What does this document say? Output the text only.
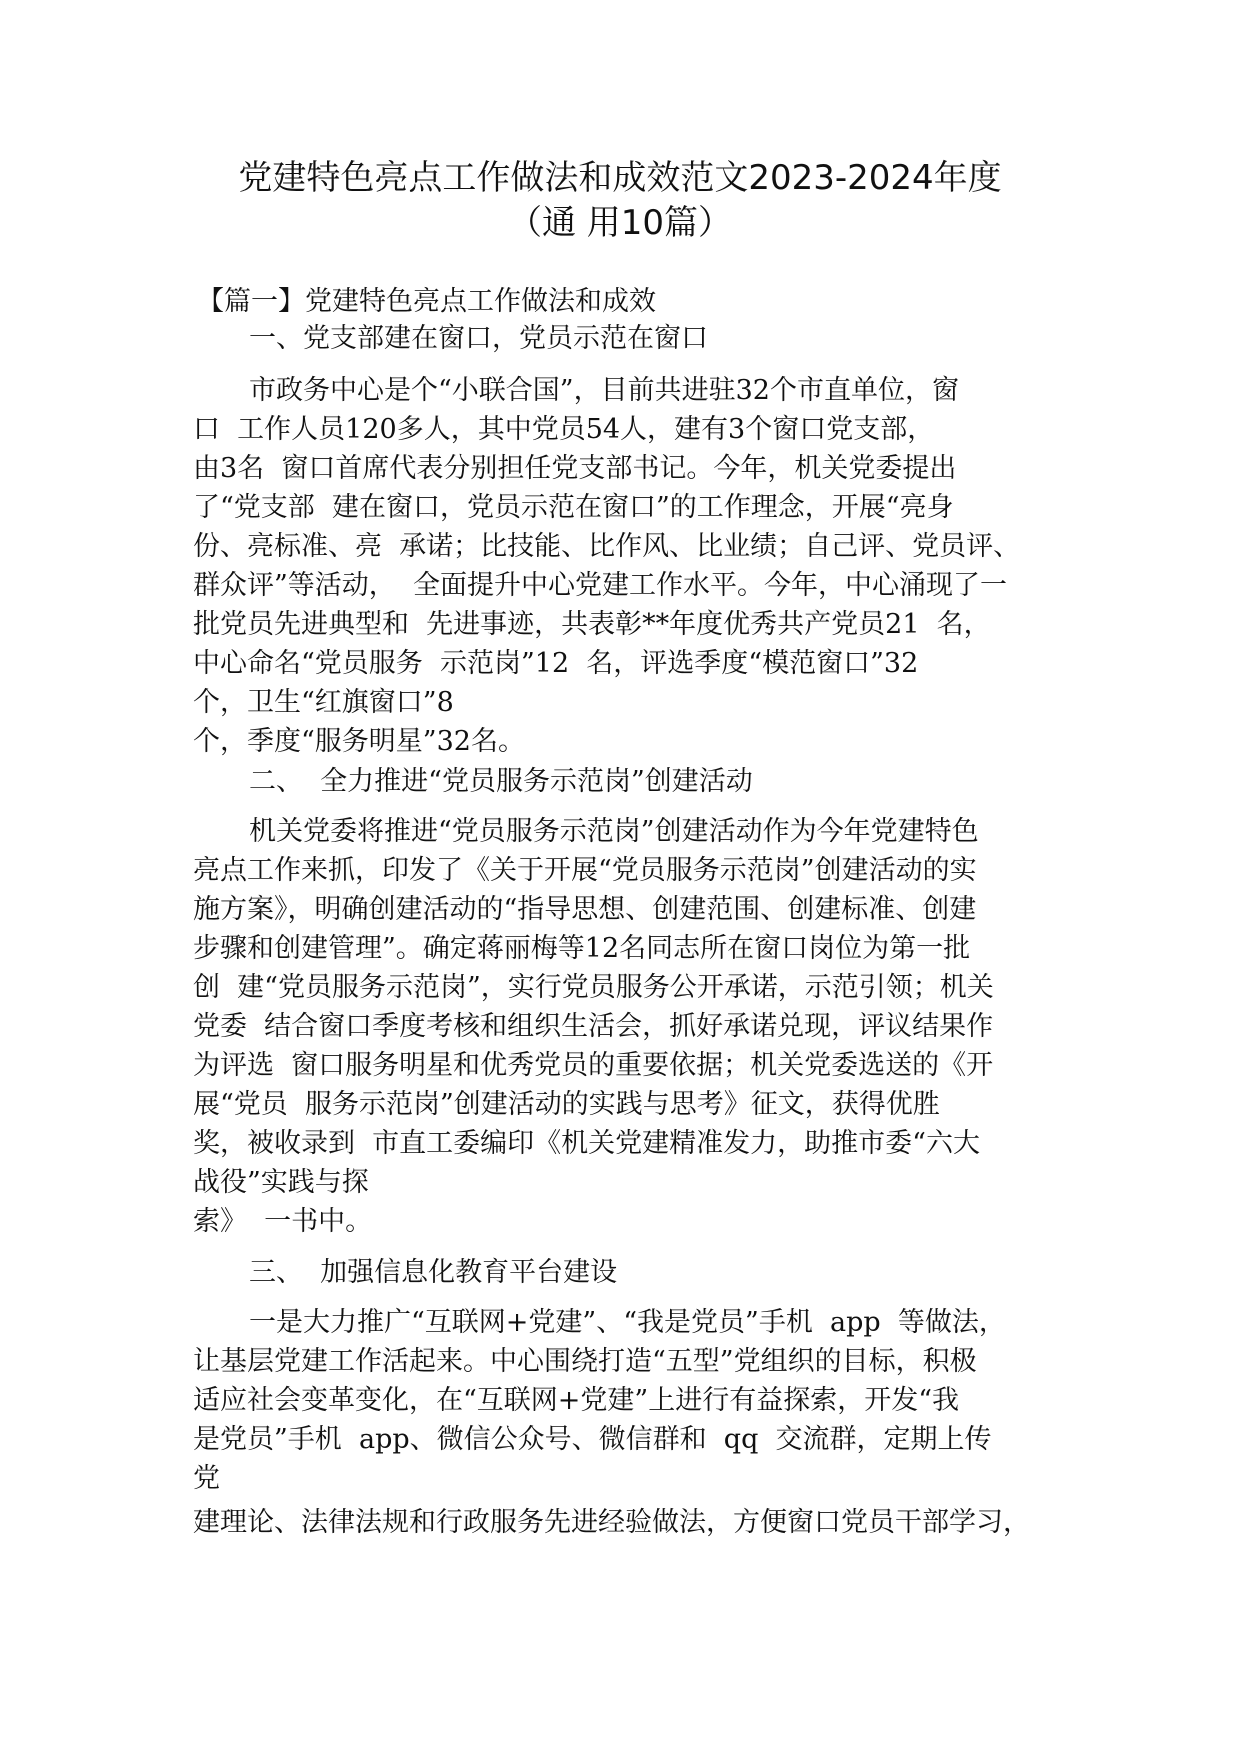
党建特色亮点工作做法和成效范文2023-2024年度
（通 用10篇）
【篇一】党建特色亮点工作做法和成效
一、党支部建在窗口，党员示范在窗口
市政务中心是个“小联合国”，目前共进驻32个市直单位，窗
口  工作人员120多人，其中党员54人，建有3个窗口党支部，
由3名  窗口首席代表分别担任党支部书记。今年，机关党委提出
了“党支部  建在窗口，党员示范在窗口”的工作理念，开展“亮身
份、亮标准、亮  承诺；比技能、比作风、比业绩；自己评、党员评、
群众评”等活动，  全面提升中心党建工作水平。今年，中心涌现了一
批党员先进典型和  先进事迹，共表彰**年度优秀共产党员21  名，
中心命名“党员服务  示范岗”12  名，评选季度“模范窗口”32
个，卫生“红旗窗口”8
个，季度“服务明星”32名。
二、  全力推进“党员服务示范岗”创建活动
机关党委将推进“党员服务示范岗”创建活动作为今年党建特色
亮点工作来抓，印发了《关于开展“党员服务示范岗”创建活动的实
施方案》，明确创建活动的“指导思想、创建范围、创建标准、创建
步骤和创建管理”。确定蒋丽梅等12名同志所在窗口岗位为第一批
创  建“党员服务示范岗”，实行党员服务公开承诺，示范引领；机关
党委  结合窗口季度考核和组织生活会，抓好承诺兑现，评议结果作
为评选  窗口服务明星和优秀党员的重要依据；机关党委选送的《开
展“党员  服务示范岗”创建活动的实践与思考》征文，获得优胜
奖，被收录到  市直工委编印《机关党建精准发力，助推市委“六大
战役”实践与探
索》  一书中。
三、  加强信息化教育平台建设
一是大力推广“互联网+党建”、“我是党员”手机  app  等做法，
让基层党建工作活起来。中心围绕打造“五型”党组织的目标，积极
适应社会变革变化，在“互联网+党建”上进行有益探索，开发“我
是党员”手机  app、微信公众号、微信群和  qq  交流群，定期上传
党
建理论、法律法规和行政服务先进经验做法，方便窗口党员干部学习，
